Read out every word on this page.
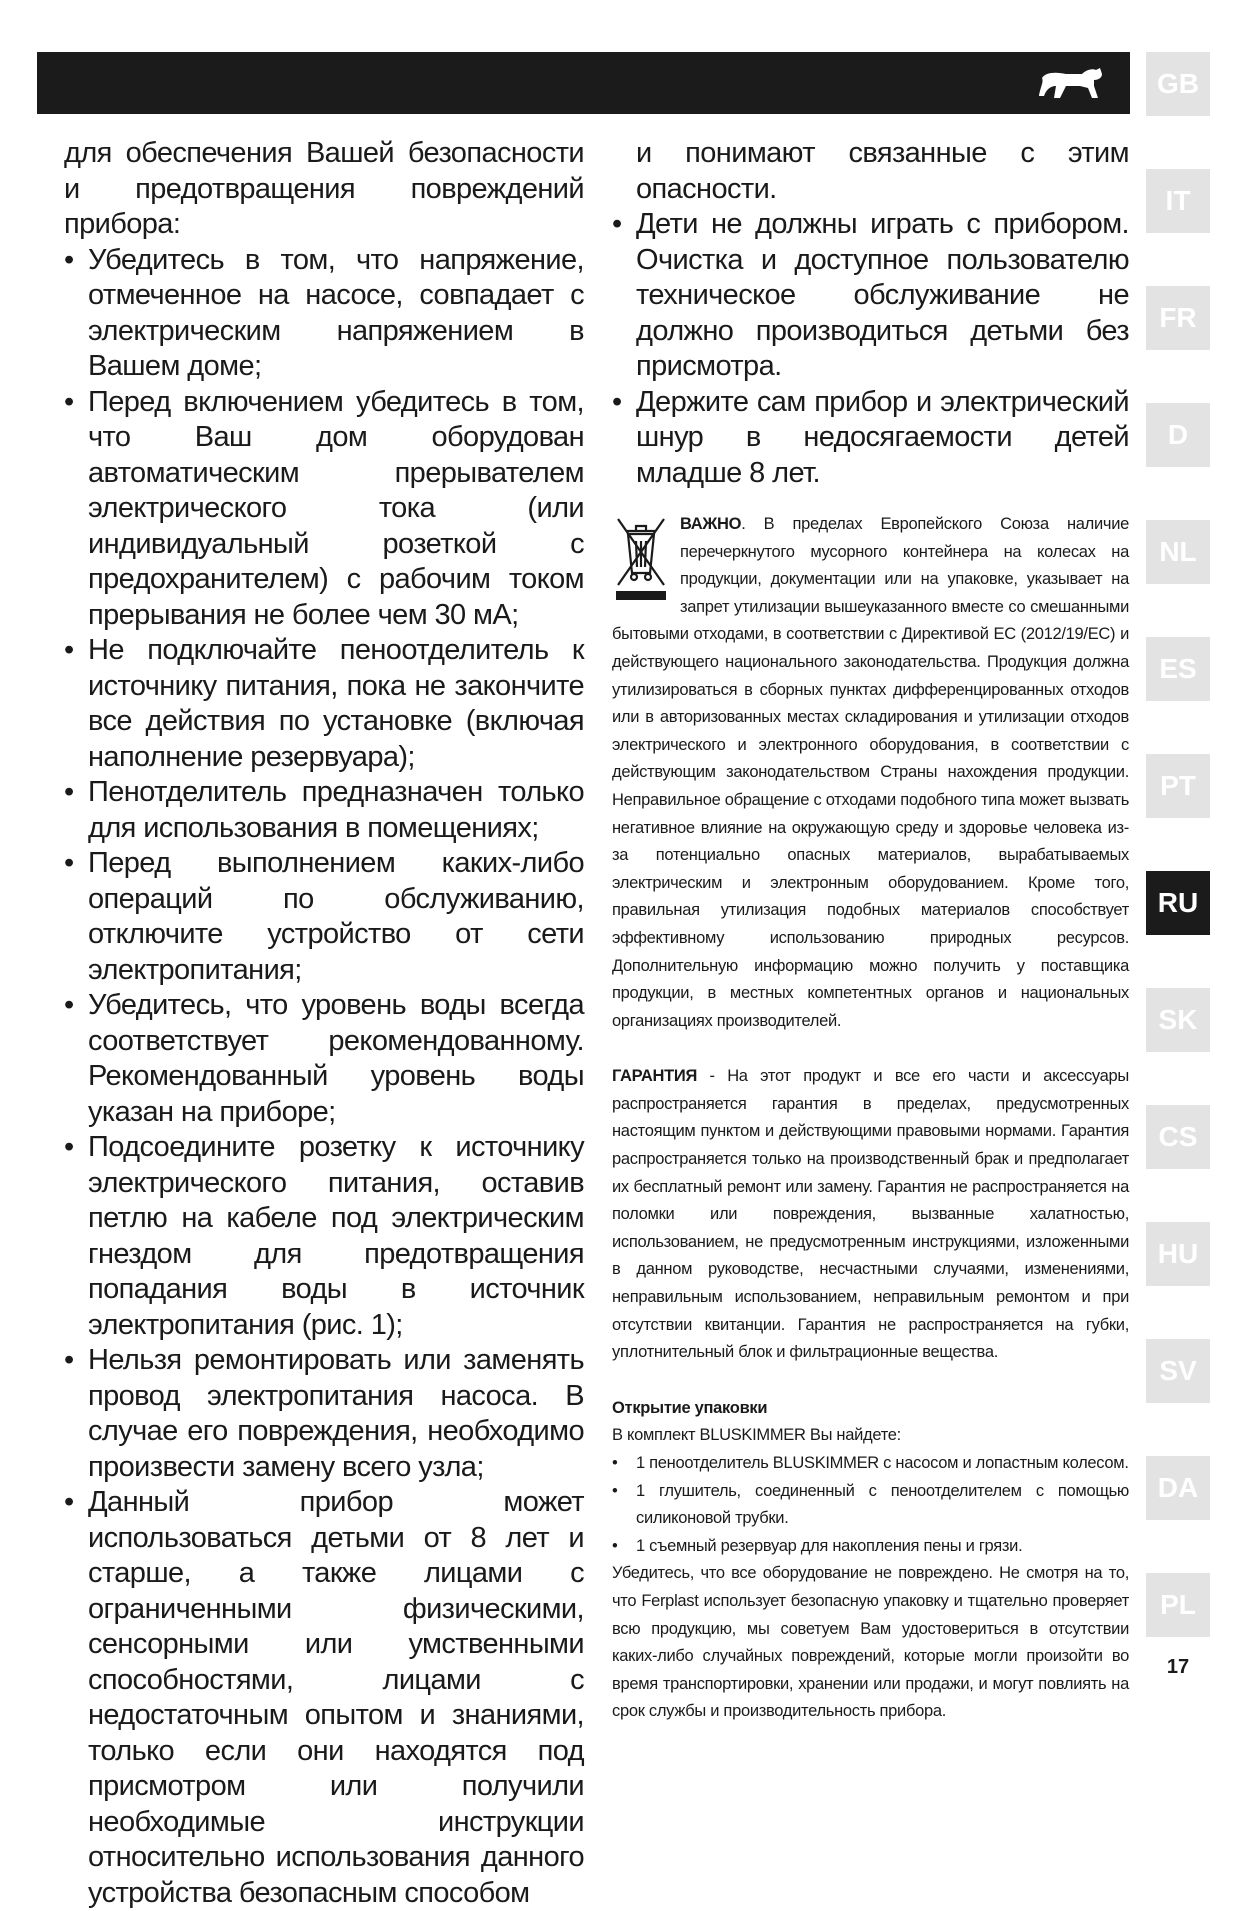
GB
IT
FR
D
NL
ES
PT
RU
SK
CS
HU
SV
DA
PL
17

для обеспечения Вашей безопасности и предотвращения повреждений прибора:

• Убедитесь в том, что напряжение, отмеченное на насосе, совпадает с электрическим напряжением в Вашем доме;
• Перед включением убедитесь в том, что Ваш дом оборудован автоматическим прерывателем электрического тока (или индивидуальный розеткой с предохранителем) с рабочим током прерывания не более чем 30 мА;
• Не подключайте пеноотделитель к источнику питания, пока не закончите все действия по установке (включая наполнение резервуара);
• Пенотделитель предназначен только для использования в помещениях;
• Перед выполнением каких-либо операций по обслуживанию, отключите устройство от сети электропитания;
• Убедитесь, что уровень воды всегда соответствует рекомендованному. Рекомендованный уровень воды указан на приборе;
• Подсоедините розетку к источнику электрического питания, оставив петлю на кабеле под электрическим гнездом для предотвращения попадания воды в источник электропитания (рис. 1);
• Нельзя ремонтировать или заменять провод электропитания насоса. В случае его повреждения, необходимо произвести замену всего узла;
• Данный прибор может использоваться детьми от 8 лет и старше, а также лицами с ограниченными физическими, сенсорными или умственными способностями, лицами с недостаточным опытом и знаниями, только если они находятся под присмотром или получили необходимые инструкции относительно использования данного устройства безопасным способом

и понимают связанные с этим опасности.

• Дети не должны играть с прибором. Очистка и доступное пользователю техническое обслуживание не должно производиться детьми без присмотра.
• Держите сам прибор и электрический шнур в недосягаемости детей младше 8 лет.

ВАЖНО. В пределах Европейского Союза наличие перечеркнутого мусорного контейнера на колесах на продукции, документации или на упаковке, указывает на запрет утилизации вышеуказанного вместе со смешанными бытовыми отходами, в соответствии с Директивой ЕС (2012/19/ЕС) и действующего национального законодательства. Продукция должна утилизироваться в сборных пунктах дифференцированных отходов или в авторизованных местах складирования и утилизации отходов электрического и электронного оборудования, в соответствии с действующим законодательством Страны нахождения продукции. Неправильное обращение с отходами подобного типа может вызвать негативное влияние на окружающую среду и здоровье человека из-за потенциально опасных материалов, вырабатываемых электрическим и электронным оборудованием. Кроме того, правильная утилизация подобных материалов способствует эффективному использованию природных ресурсов. Дополнительную информацию можно получить у поставщика продукции, в местных компетентных органов и национальных организациях производителей.

ГАРАНТИЯ - На этот продукт и все его части и аксессуары распространяется гарантия в пределах, предусмотренных настоящим пунктом и действующими правовыми нормами. Гарантия распространяется только на производственный брак и предполагает их бесплатный ремонт или замену. Гарантия не распространяется на поломки или повреждения, вызванные халатностью, использованием, не предусмотренным инструкциями, изложенными в данном руководстве, несчастными случаями, изменениями, неправильным использованием, неправильным ремонтом и при отсутствии квитанции. Гарантия не распространяется на губки, уплотнительный блок и фильтрационные вещества.

Открытие упаковки

В комплект BLUSKIMMER Вы найдете:

• 1 пеноотделитель BLUSKIMMER с насосом и лопастным колесом.
• 1 глушитель, соединенный с пеноотделителем с помощью силиконовой трубки.
• 1 съемный резервуар для накопления пены и грязи.

Убедитесь, что все оборудование не повреждено. Не смотря на то, что Ferplast использует безопасную упаковку и тщательно проверяет всю продукцию, мы советуем Вам удостовериться в отсутствии каких-либо случайных повреждений, которые могли произойти во время транспортировки, хранении или продажи, и могут повлиять на срок службы и производительность прибора.
